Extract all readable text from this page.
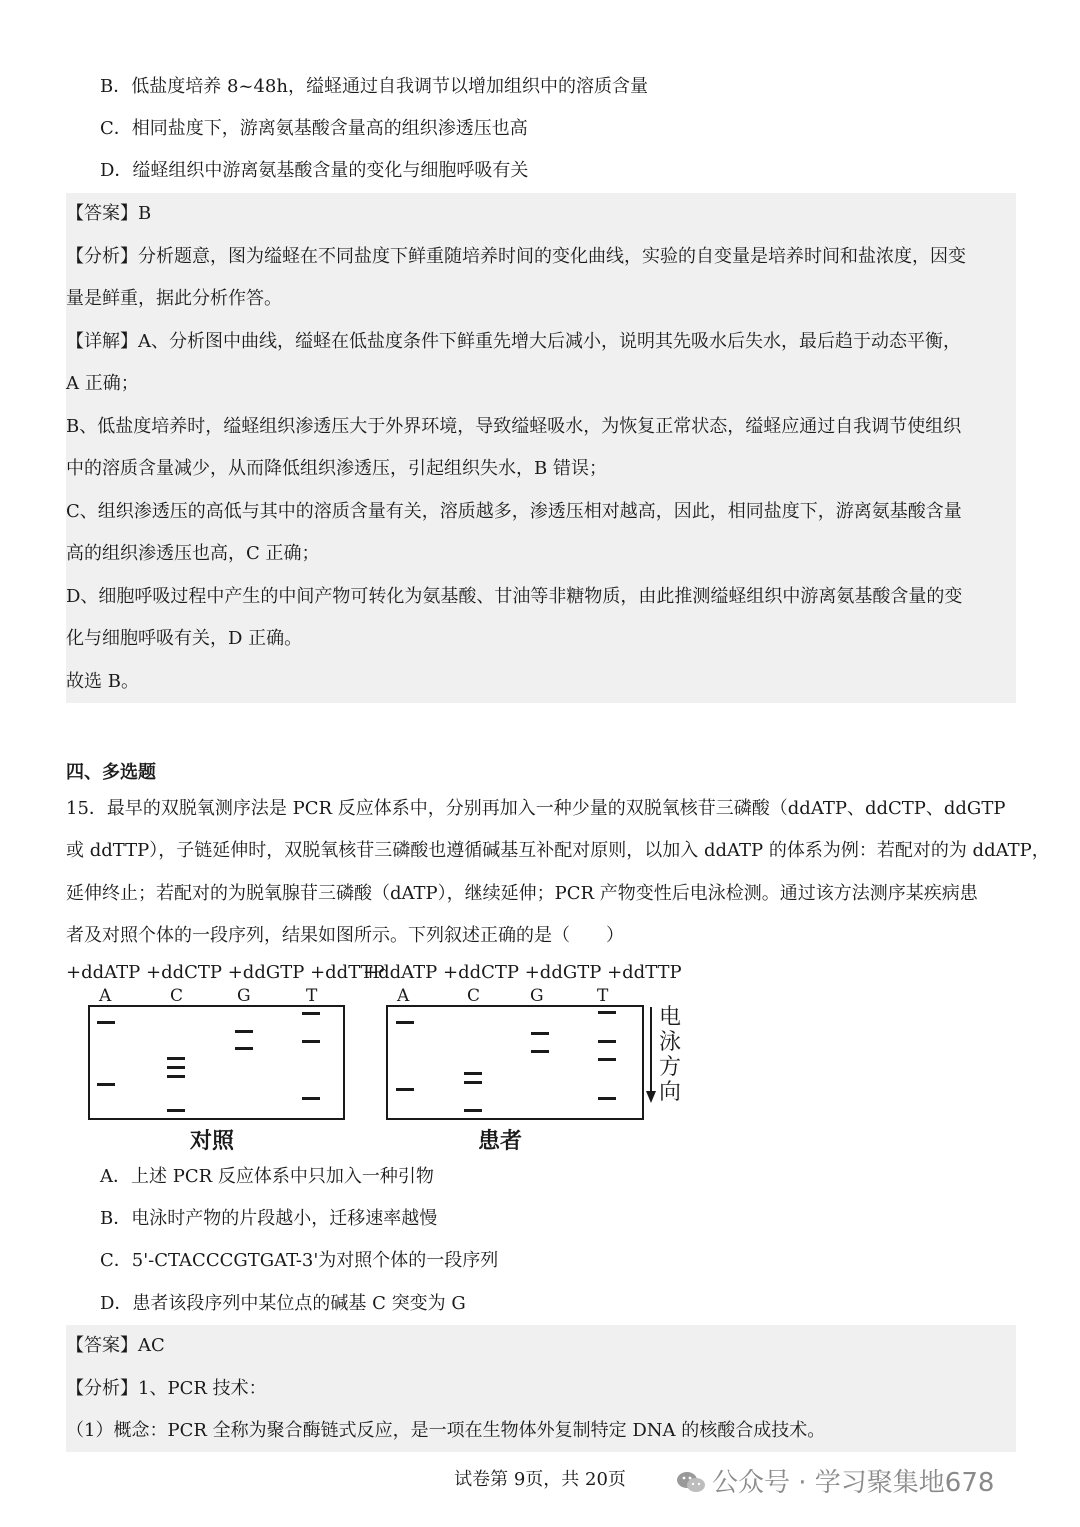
B．低盐度培养 8~48h，缢蛏通过自我调节以增加组织中的溶质含量
C．相同盐度下，游离氨基酸含量高的组织渗透压也高
D．缢蛏组织中游离氨基酸含量的变化与细胞呼吸有关
【答案】B
【分析】分析题意，图为缢蛏在不同盐度下鲜重随培养时间的变化曲线，实验的自变量是培养时间和盐浓度，因变
量是鲜重，据此分析作答。
【详解】A、分析图中曲线，缢蛏在低盐度条件下鲜重先增大后减小，说明其先吸水后失水，最后趋于动态平衡，
A 正确；
B、低盐度培养时，缢蛏组织渗透压大于外界环境，导致缢蛏吸水，为恢复正常状态，缢蛏应通过自我调节使组织
中的溶质含量减少，从而降低组织渗透压，引起组织失水，B 错误；
C、组织渗透压的高低与其中的溶质含量有关，溶质越多，渗透压相对越高，因此，相同盐度下，游离氨基酸含量
高的组织渗透压也高，C 正确；
D、细胞呼吸过程中产生的中间产物可转化为氨基酸、甘油等非糖物质，由此推测缢蛏组织中游离氨基酸含量的变
化与细胞呼吸有关，D 正确。
故选 B。
四、多选题
15．最早的双脱氧测序法是 PCR 反应体系中，分别再加入一种少量的双脱氧核苷三磷酸（ddATP、ddCTP、ddGTP
或 ddTTP），子链延伸时，双脱氧核苷三磷酸也遵循碱基互补配对原则，以加入 ddATP 的体系为例：若配对的为 ddATP，
延伸终止；若配对的为脱氧腺苷三磷酸（dATP），继续延伸；PCR 产物变性后电泳检测。通过该方法测序某疾病患
者及对照个体的一段序列，结果如图所示。下列叙述正确的是（　　）
+ddATP +ddCTP +ddGTP +ddTTP
+ddATP +ddCTP +ddGTP +ddTTP
A	C	G	T	A	C	G	T
电
泳
方
向
对照	患者
A．上述 PCR 反应体系中只加入一种引物
B．电泳时产物的片段越小，迁移速率越慢
C．5'-CTACCCGTGAT-3'为对照个体的一段序列
D．患者该段序列中某位点的碱基 C 突变为 G
【答案】AC
【分析】1、PCR 技术：
（1）概念：PCR 全称为聚合酶链式反应，是一项在生物体外复制特定 DNA 的核酸合成技术。
试卷第 9页，共 20页	公众号 · 学习聚集地678
